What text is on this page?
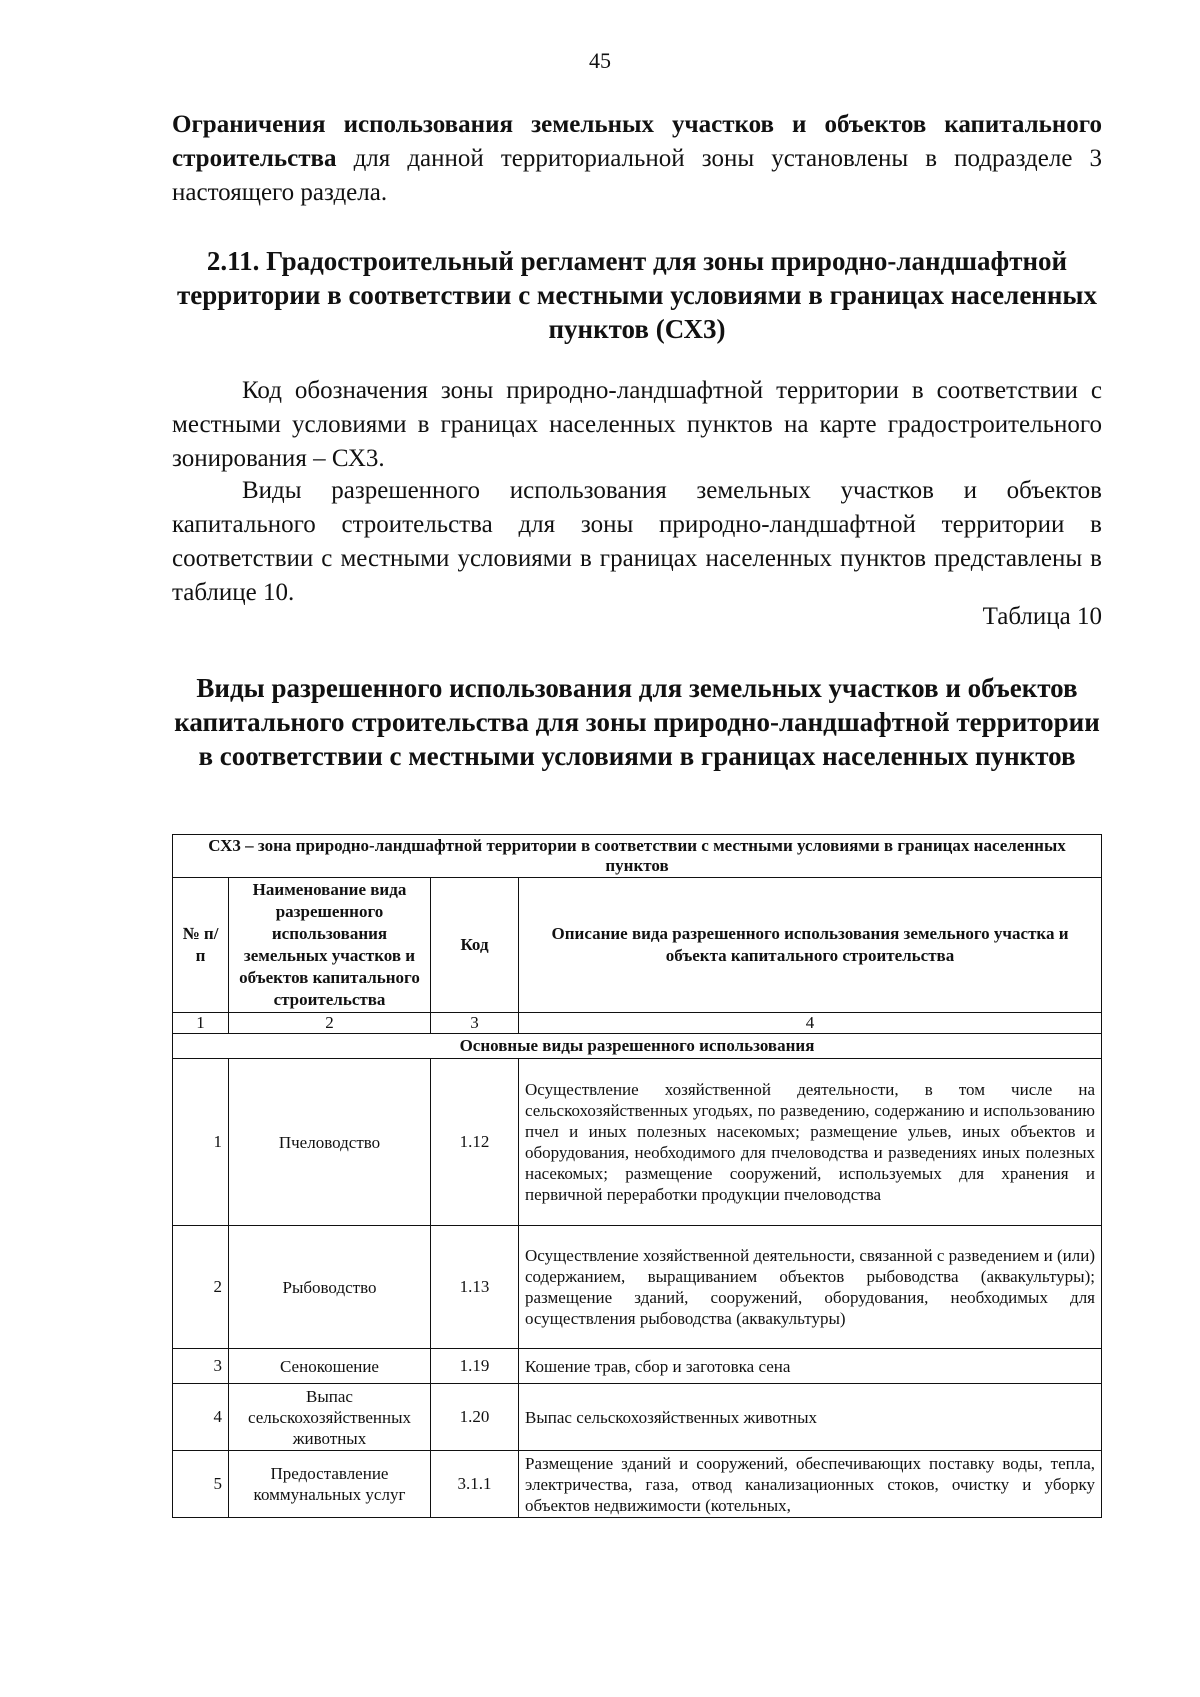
45

Ограничения использования земельных участков и объектов капитального строительства для данной территориальной зоны установлены в подразделе 3 настоящего раздела.

2.11. Градостроительный регламент для зоны природно-ландшафтной территории в соответствии с местными условиями в границах населенных пунктов (СХ3)

Код обозначения зоны природно-ландшафтной территории в соответствии с местными условиями в границах населенных пунктов на карте градостроительного зонирования – СХ3.

Виды разрешенного использования земельных участков и объектов капитального строительства для зоны природно-ландшафтной территории в соответствии с местными условиями в границах населенных пунктов представлены в таблице 10.

Таблица 10
Виды разрешенного использования для земельных участков и объектов капитального строительства для зоны природно-ландшафтной территории в соответствии с местными условиями в границах населенных пунктов
СХ3 – зона природно-ландшафтной территории в соответствии с местными условиями в границах населенных пунктов			
№ п/п	Наименование вида разрешенного использования земельных участков и объектов капитального строительства	Код	Описание вида разрешенного использования земельного участка и объекта капитального строительства
1	2	3	4
Основные виды разрешенного использования			
1	Пчеловодство	1.12	Осуществление хозяйственной деятельности, в том числе на сельскохозяйственных угодьях, по разведению, содержанию и использованию пчел и иных полезных насекомых; размещение ульев, иных объектов и оборудования, необходимого для пчеловодства и разведениях иных полезных насекомых; размещение сооружений, используемых для хранения и первичной переработки продукции пчеловодства
2	Рыбоводство	1.13	Осуществление хозяйственной деятельности, связанной с разведением и (или) содержанием, выращиванием объектов рыбоводства (аквакультуры); размещение зданий, сооружений, оборудования, необходимых для осуществления рыбоводства (аквакультуры)
3	Сенокошение	1.19	Кошение трав, сбор и заготовка сена
4	Выпас сельскохозяйственных животных	1.20	Выпас сельскохозяйственных животных
5	Предоставление коммунальных услуг	3.1.1	Размещение зданий и сооружений, обеспечивающих поставку воды, тепла, электричества, газа, отвод канализационных стоков, очистку и уборку объектов недвижимости (котельных,
